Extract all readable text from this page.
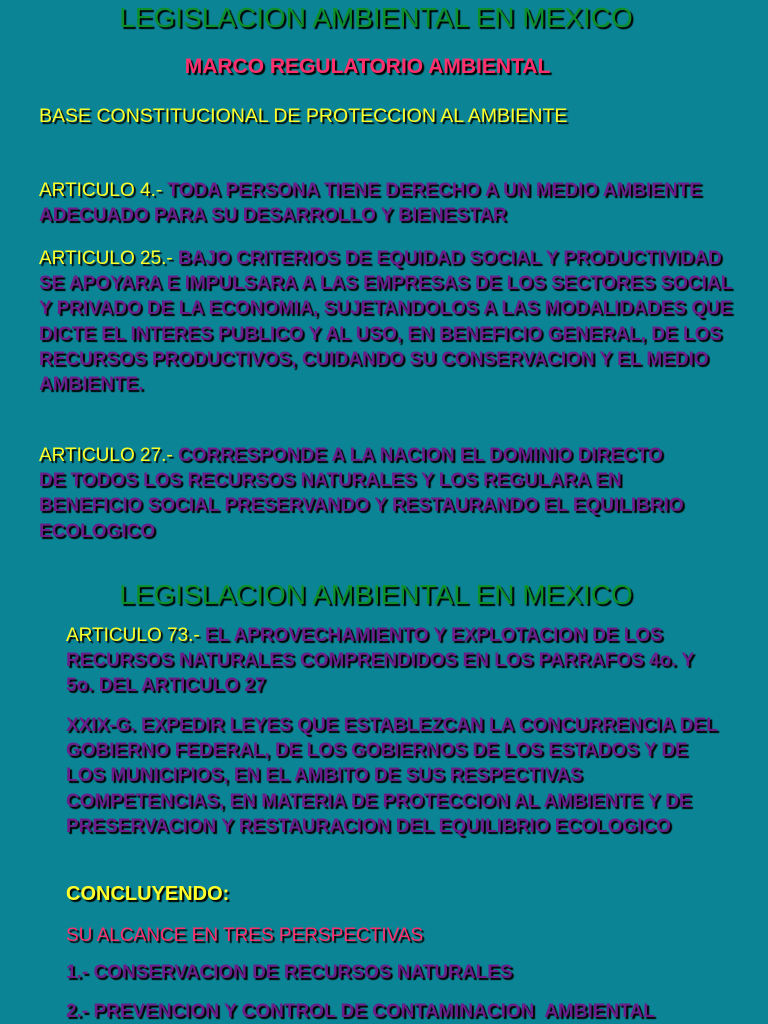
LEGISLACION AMBIENTAL EN MEXICO
MARCO REGULATORIO AMBIENTAL

BASE CONSTITUCIONAL DE PROTECCION AL AMBIENTE

ARTICULO 4.- TODA PERSONA TIENE DERECHO A UN MEDIO AMBIENTE ADECUADO PARA SU DESARROLLO Y BIENESTAR

ARTICULO 25.- BAJO CRITERIOS DE EQUIDAD SOCIAL Y PRODUCTIVIDAD SE APOYARA E IMPULSARA A LAS EMPRESAS DE LOS SECTORES SOCIAL Y PRIVADO DE LA ECONOMIA, SUJETANDOLOS A LAS MODALIDADES QUE DICTE EL INTERES PUBLICO Y AL USO, EN BENEFICIO GENERAL, DE LOS RECURSOS PRODUCTIVOS, CUIDANDO SU CONSERVACION Y EL MEDIO AMBIENTE.

ARTICULO 27.- CORRESPONDE A LA NACION EL DOMINIO DIRECTO DE TODOS LOS RECURSOS NATURALES Y LOS REGULARA EN BENEFICIO SOCIAL PRESERVANDO Y RESTAURANDO EL EQUILIBRIO ECOLOGICO

LEGISLACION AMBIENTAL EN MEXICO

ARTICULO 73.- EL APROVECHAMIENTO Y EXPLOTACION DE LOS RECURSOS NATURALES COMPRENDIDOS EN LOS PARRAFOS 4o. Y 5o. DEL ARTICULO 27

XXIX-G. EXPEDIR LEYES QUE ESTABLEZCAN LA CONCURRENCIA DEL GOBIERNO FEDERAL, DE LOS GOBIERNOS DE LOS ESTADOS Y DE LOS MUNICIPIOS, EN EL AMBITO DE SUS RESPECTIVAS COMPETENCIAS, EN MATERIA DE PROTECCION AL AMBIENTE Y DE PRESERVACION Y RESTAURACION DEL EQUILIBRIO ECOLOGICO

CONCLUYENDO:

SU ALCANCE EN TRES PERSPECTIVAS

1.- CONSERVACION DE RECURSOS NATURALES

2.- PREVENCION Y CONTROL DE CONTAMINACION  AMBIENTAL
